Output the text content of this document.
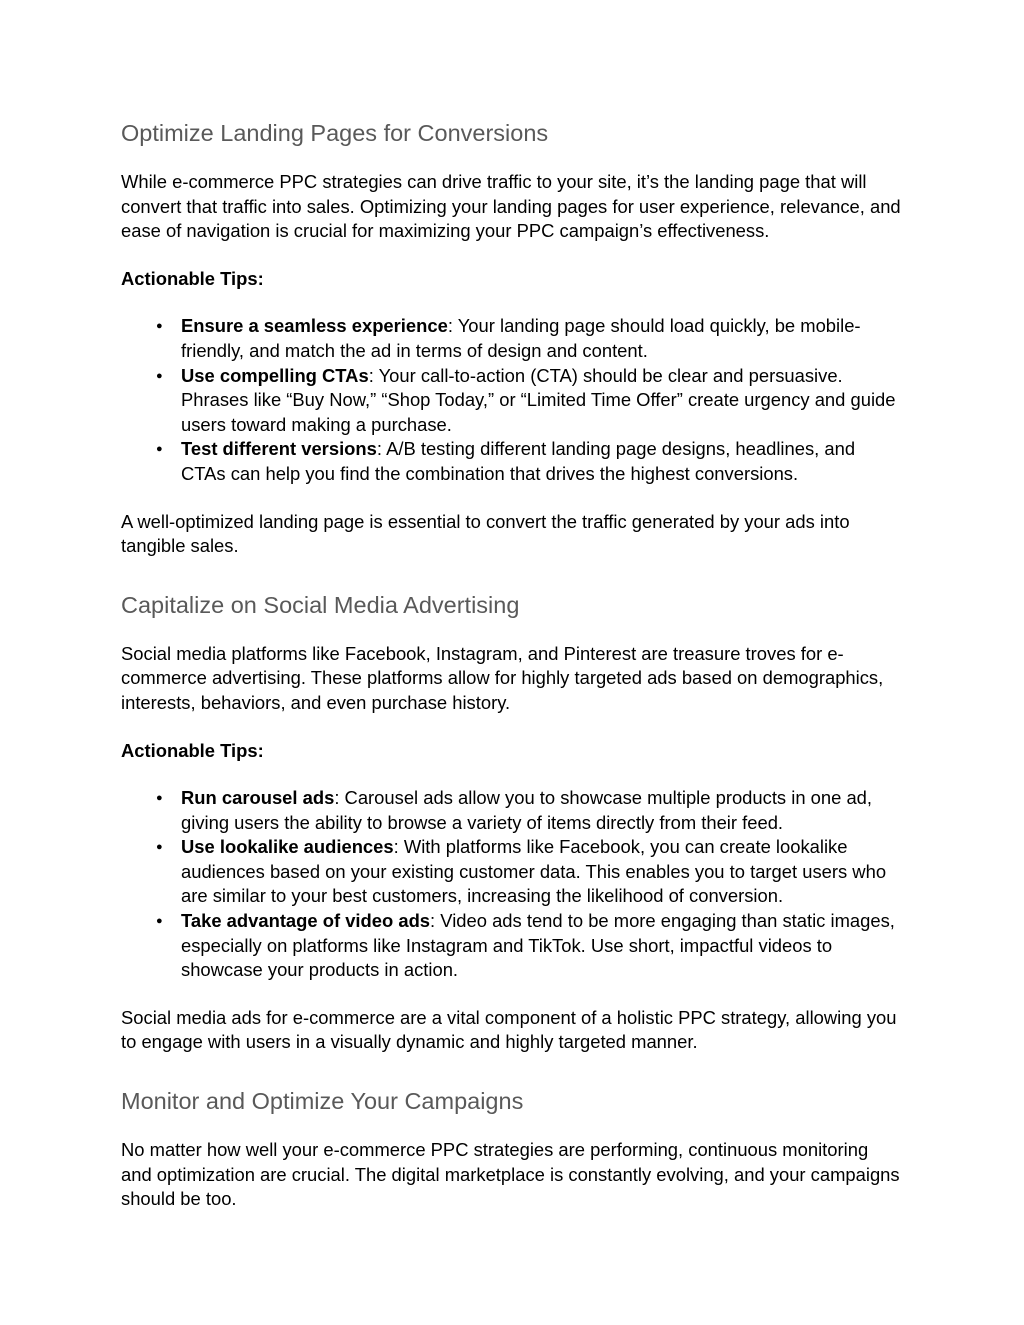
Optimize Landing Pages for Conversions

While e-commerce PPC strategies can drive traffic to your site, it’s the landing page that will convert that traffic into sales. Optimizing your landing pages for user experience, relevance, and ease of navigation is crucial for maximizing your PPC campaign’s effectiveness.

Actionable Tips:

● Ensure a seamless experience: Your landing page should load quickly, be mobile-friendly, and match the ad in terms of design and content.
● Use compelling CTAs: Your call-to-action (CTA) should be clear and persuasive. Phrases like “Buy Now,” “Shop Today,” or “Limited Time Offer” create urgency and guide users toward making a purchase.
● Test different versions: A/B testing different landing page designs, headlines, and CTAs can help you find the combination that drives the highest conversions.

A well-optimized landing page is essential to convert the traffic generated by your ads into tangible sales.

Capitalize on Social Media Advertising

Social media platforms like Facebook, Instagram, and Pinterest are treasure troves for e-commerce advertising. These platforms allow for highly targeted ads based on demographics, interests, behaviors, and even purchase history.

Actionable Tips:

● Run carousel ads: Carousel ads allow you to showcase multiple products in one ad, giving users the ability to browse a variety of items directly from their feed.
● Use lookalike audiences: With platforms like Facebook, you can create lookalike audiences based on your existing customer data. This enables you to target users who are similar to your best customers, increasing the likelihood of conversion.
● Take advantage of video ads: Video ads tend to be more engaging than static images, especially on platforms like Instagram and TikTok. Use short, impactful videos to showcase your products in action.

Social media ads for e-commerce are a vital component of a holistic PPC strategy, allowing you to engage with users in a visually dynamic and highly targeted manner.

Monitor and Optimize Your Campaigns

No matter how well your e-commerce PPC strategies are performing, continuous monitoring and optimization are crucial. The digital marketplace is constantly evolving, and your campaigns should be too.
